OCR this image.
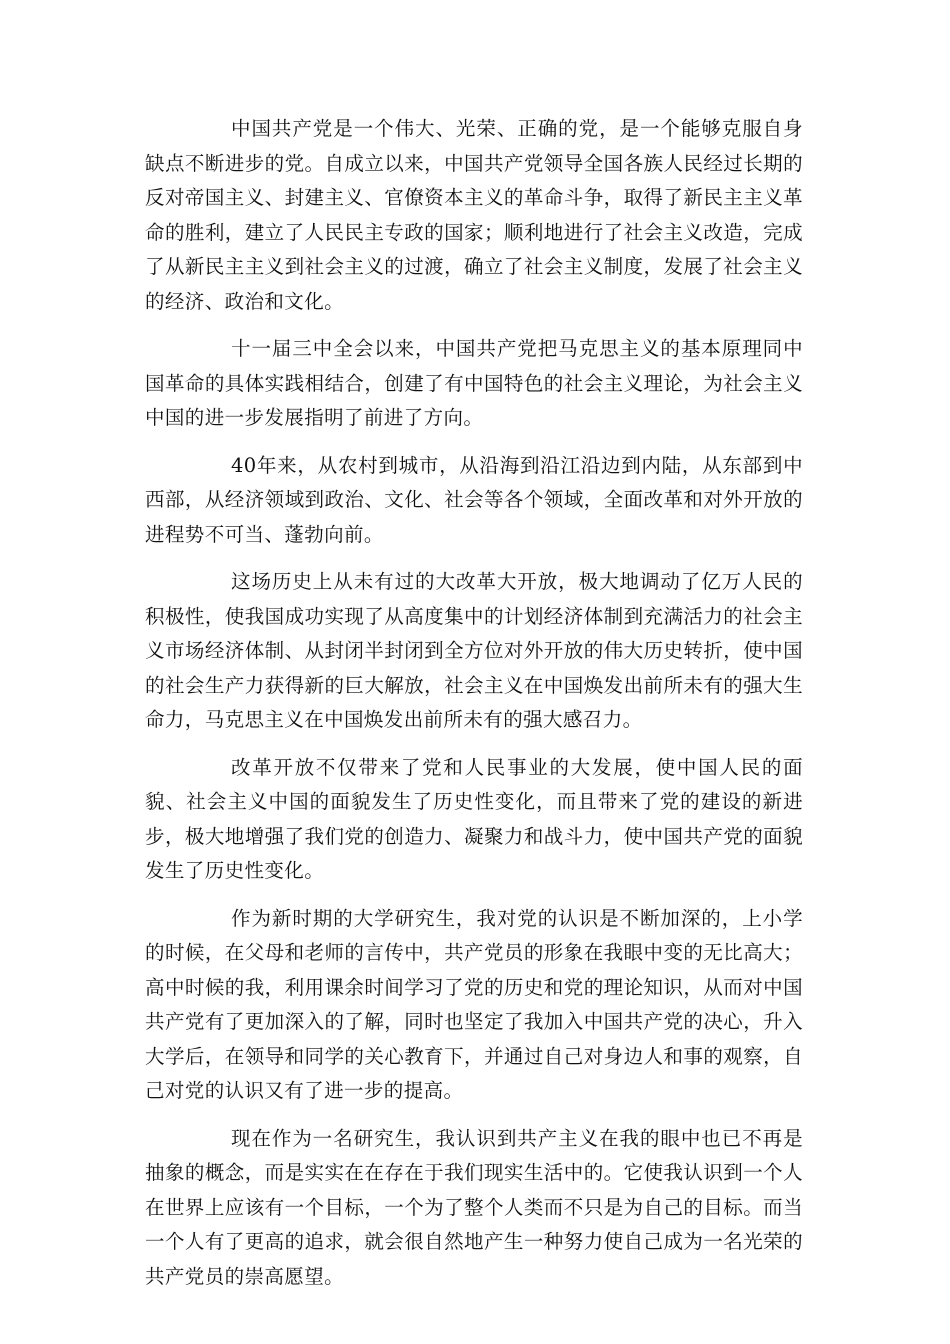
中国共产党是一个伟大、光荣、正确的党，是一个能够克服自身缺点不断进步的党。自成立以来，中国共产党领导全国各族人民经过长期的反对帝国主义、封建主义、官僚资本主义的革命斗争，取得了新民主主义革命的胜利，建立了人民民主专政的国家；顺利地进行了社会主义改造，完成了从新民主主义到社会主义的过渡，确立了社会主义制度，发展了社会主义的经济、政治和文化。

十一届三中全会以来，中国共产党把马克思主义的基本原理同中国革命的具体实践相结合，创建了有中国特色的社会主义理论，为社会主义中国的进一步发展指明了前进了方向。

40年来，从农村到城市，从沿海到沿江沿边到内陆，从东部到中西部，从经济领域到政治、文化、社会等各个领域，全面改革和对外开放的进程势不可当、蓬勃向前。

这场历史上从未有过的大改革大开放，极大地调动了亿万人民的积极性，使我国成功实现了从高度集中的计划经济体制到充满活力的社会主义市场经济体制、从封闭半封闭到全方位对外开放的伟大历史转折，使中国的社会生产力获得新的巨大解放，社会主义在中国焕发出前所未有的强大生命力，马克思主义在中国焕发出前所未有的强大感召力。

改革开放不仅带来了党和人民事业的大发展，使中国人民的面貌、社会主义中国的面貌发生了历史性变化，而且带来了党的建设的新进步，极大地增强了我们党的创造力、凝聚力和战斗力，使中国共产党的面貌发生了历史性变化。

作为新时期的大学研究生，我对党的认识是不断加深的，上小学的时候，在父母和老师的言传中，共产党员的形象在我眼中变的无比高大；高中时候的我，利用课余时间学习了党的历史和党的理论知识，从而对中国共产党有了更加深入的了解，同时也坚定了我加入中国共产党的决心，升入大学后，在领导和同学的关心教育下，并通过自己对身边人和事的观察，自己对党的认识又有了进一步的提高。

现在作为一名研究生，我认识到共产主义在我的眼中也已不再是抽象的概念，而是实实在在存在于我们现实生活中的。它使我认识到一个人在世界上应该有一个目标，一个为了整个人类而不只是为自己的目标。而当一个人有了更高的追求，就会很自然地产生一种努力使自己成为一名光荣的共产党员的崇高愿望。
